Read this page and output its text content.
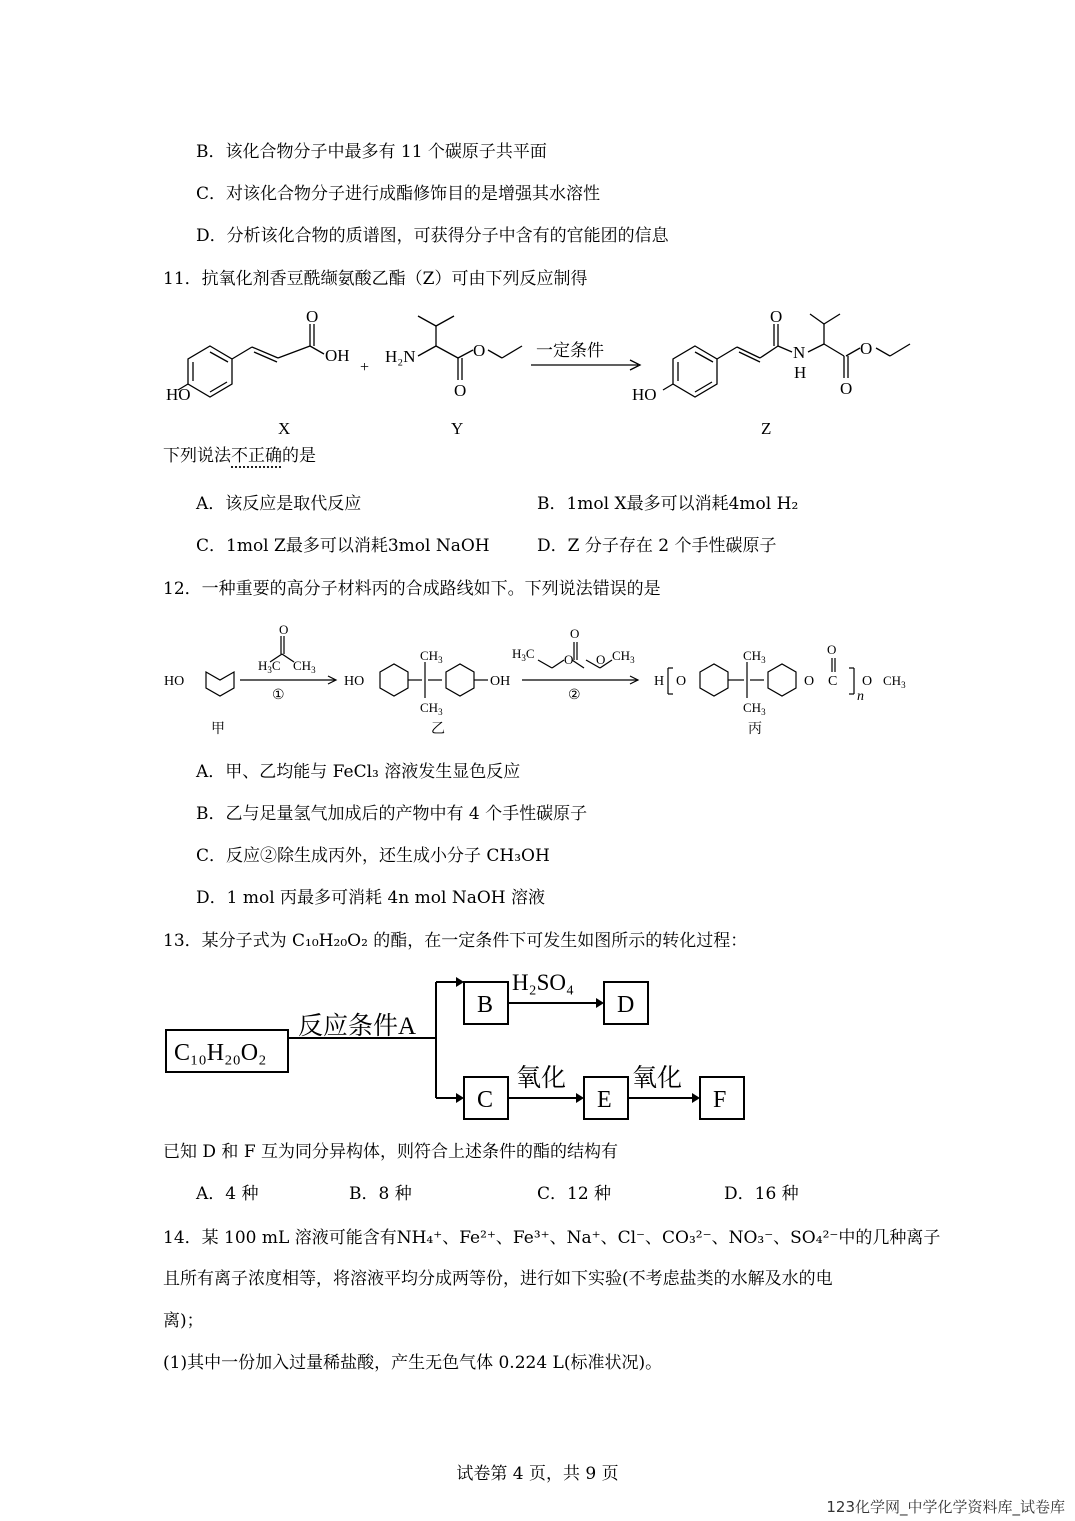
B．该化合物分子中最多有 11 个碳原子共平面
C．对该化合物分子进行成酯修饰目的是增强其水溶性
D．分析该化合物的质谱图，可获得分子中含有的官能团的信息
11．抗氧化剂香豆酰缬氨酸乙酯（Z）可由下列反应制得
HO
O
OH
+
H₂N	O
O
一定条件
HO
O
N
H
O
O
X	Y	Z
下列说法不正确的是
A．该反应是取代反应	B．1mol X最多可以消耗4mol H₂
C．1mol Z最多可以消耗3mol NaOH	D．Z 分子存在 2 个手性碳原子
12．一种重要的高分子材料丙的合成路线如下。下列说法错误的是
HO
$H_3C$ $CH_3$
O
①
HO
$CH_3$
$CH_3$
OH
$H_3C$ O
O
O $CH_3$
②
H O
$CH_3$
$CH_3$
O C
O
O $CH_3$
n
甲	乙	丙
A．甲、乙均能与 FeCl₃ 溶液发生显色反应
B．乙与足量氢气加成后的产物中有 4 个手性碳原子
C．反应②除生成丙外，还生成小分子 CH₃OH
D．1 mol 丙最多可消耗 4n mol NaOH 溶液
13．某分子式为 C₁₀H₂₀O₂ 的酯，在一定条件下可发生如图所示的转化过程：
C₁₀H₂₀O₂
反应条件A
H₂SO₄
B	D
C	E	F
氧化	氧化
已知 D 和 F 互为同分异构体，则符合上述条件的酯的结构有
A．4 种	B．8 种	C．12 种	D．16 种
14．某 100 mL 溶液可能含有NH₄⁺、Fe²⁺、Fe³⁺、Na⁺、Cl⁻、CO₃²⁻、NO₃⁻、SO₄²⁻中的几种离子
且所有离子浓度相等，将溶液平均分成两等份，进行如下实验(不考虑盐类的水解及水的电
离)；
(1)其中一份加入过量稀盐酸，产生无色气体 0.224 L(标准状况)。
试卷第 4 页，共 9 页
123化学网_中学化学资料库_试卷库
